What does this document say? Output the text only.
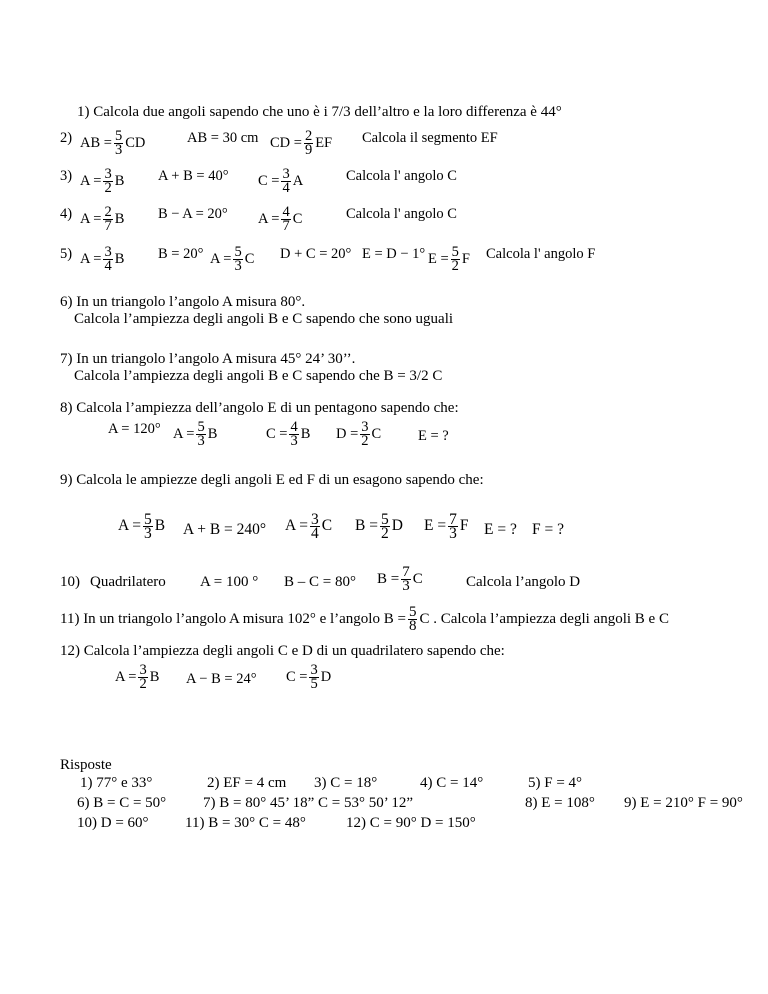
1) Calcola due angoli sapendo che uno è i 7/3 dell’altro e la loro differenza è 44°
2) AB = $\frac{5}{3}$ CD	AB = 30 cm CD = $\frac{2}{9}$ EF Calcola il segmento EF
3) $A = \frac{3}{2}$ B A + B = 40° $C = \frac{3}{4}$ A	Calcola l' angolo C
4) $A = \frac{2}{7}$ B B − A = 20° $A = \frac{4}{7}$ C	Calcola l' angolo C
5) $A = \frac{3}{4}$ B B = 20° $A = \frac{5}{3}$ C D + C = 20° E = D − 1° $E = \frac{5}{2}$ F Calcola l' angolo F
6) In un triangolo l’angolo A misura 80°.
Calcola l’ampiezza degli angoli B e C sapendo che sono uguali
7) In un triangolo l’angolo A misura 45° 24’ 30’’.
Calcola l’ampiezza degli angoli B e C sapendo che B = 3/2 C
8) Calcola l’ampiezza dell’angolo E di un pentagono sapendo che:
A = 120° $A = \frac{5}{3}$ B	$C = \frac{4}{3}$ B $D = \frac{3}{2}$ C	E = ?
9) Calcola le ampiezze degli angoli E ed F di un esagono sapendo che:
$A = \frac{5}{3}$ B A + B = 240° $A = \frac{3}{4}$ C $B = \frac{5}{2}$ D $E = \frac{7}{3}$ F E = ? F = ?
10) Quadrilatero A = 100 ° B – C = 80° $B = \frac{7}{3}$ C	Calcola l’angolo D
11) In un triangolo l’angolo A misura 102° e l’angolo $B = \frac{5}{8}$ C . Calcola l’ampiezza degli angoli B e C
12) Calcola l’ampiezza degli angoli C e D di un quadrilatero sapendo che:
$A = \frac{3}{2}$ B A − B = 24° $C = \frac{3}{5}$ D
Risposte
1) 77° e 33°	2) EF = 4 cm 3) C = 18°	4) C = 14°	5) F = 4°
6) B = C = 50° 7) B = 80° 45’ 18” C = 53° 50’ 12”	8) E = 108° 9) E = 210° F = 90°
10) D = 60° 11) B = 30° C = 48°	12) C = 90° D = 150°
